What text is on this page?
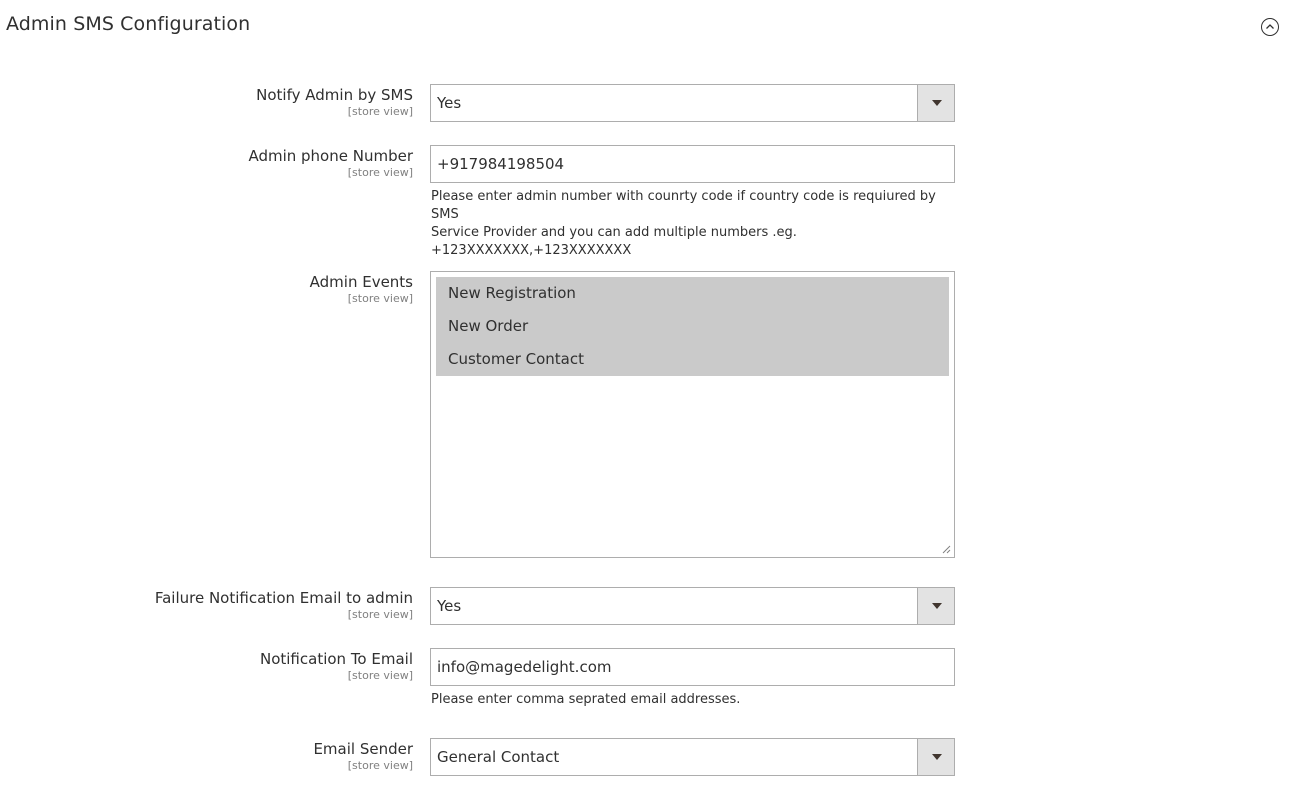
Admin SMS Configuration
Notify Admin by SMS
[store view] Yes
Admin phone Number
[store view]
+917984198504
Please enter admin number with counrty code if country code is requiured by SMS
Service Provider and you can add multiple numbers .eg.
+123XXXXXXX,+123XXXXXXX
Admin Events
[store view]	New Registration
New Order
Customer Contact
Failure Notification Email to admin
[store view] Yes
Notification To Email
[store view]
info@magedelight.com
Please enter comma seprated email addresses.
Email Sender
[store view] General Contact
